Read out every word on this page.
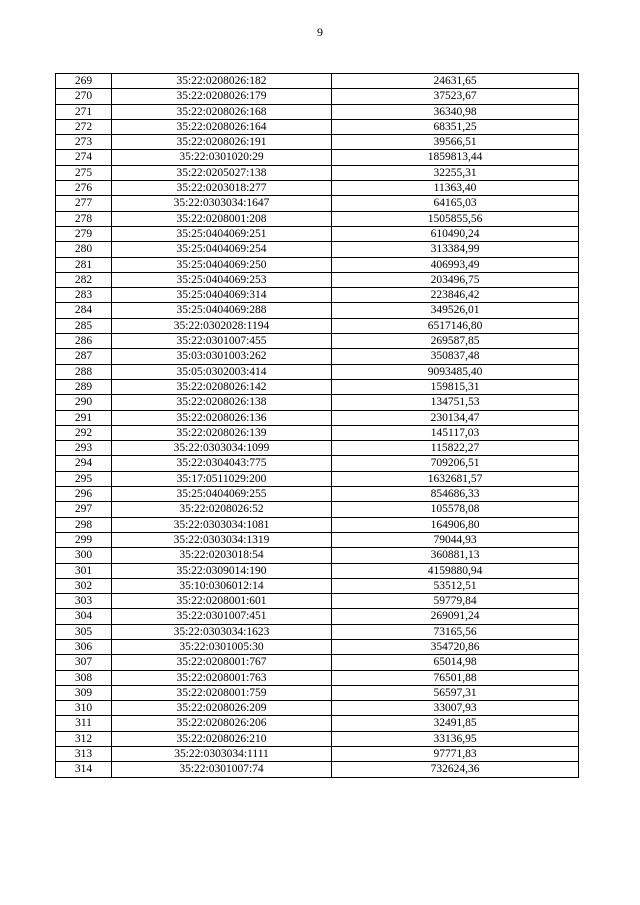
9
269	35:22:0208026:182	24631,65
270	35:22:0208026:179	37523,67
271	35:22:0208026:168	36340,98
272	35:22:0208026:164	68351,25
273	35:22:0208026:191	39566,51
274	35:22:0301020:29	1859813,44
275	35:22:0205027:138	32255,31
276	35:22:0203018:277	11363,40
277	35:22:0303034:1647	64165,03
278	35:22:0208001:208	1505855,56
279	35:25:0404069:251	610490,24
280	35:25:0404069:254	313384,99
281	35:25:0404069:250	406993,49
282	35:25:0404069:253	203496,75
283	35:25:0404069:314	223846,42
284	35:25:0404069:288	349526,01
285	35:22:0302028:1194	6517146,80
286	35:22:0301007:455	269587,85
287	35:03:0301003:262	350837,48
288	35:05:0302003:414	9093485,40
289	35:22:0208026:142	159815,31
290	35:22:0208026:138	134751,53
291	35:22:0208026:136	230134,47
292	35:22:0208026:139	145117,03
293	35:22:0303034:1099	115822,27
294	35:22:0304043:775	709206,51
295	35:17:0511029:200	1632681,57
296	35:25:0404069:255	854686,33
297	35:22:0208026:52	105578,08
298	35:22:0303034:1081	164906,80
299	35:22:0303034:1319	79044,93
300	35:22:0203018:54	360881,13
301	35:22:0309014:190	4159880,94
302	35:10:0306012:14	53512,51
303	35:22:0208001:601	59779,84
304	35:22:0301007:451	269091,24
305	35:22:0303034:1623	73165,56
306	35:22:0301005:30	354720,86
307	35:22:0208001:767	65014,98
308	35:22:0208001:763	76501,88
309	35:22:0208001:759	56597,31
310	35:22:0208026:209	33007,93
311	35:22:0208026:206	32491,85
312	35:22:0208026:210	33136,95
313	35:22:0303034:1111	97771,83
314	35:22:0301007:74	732624,36
